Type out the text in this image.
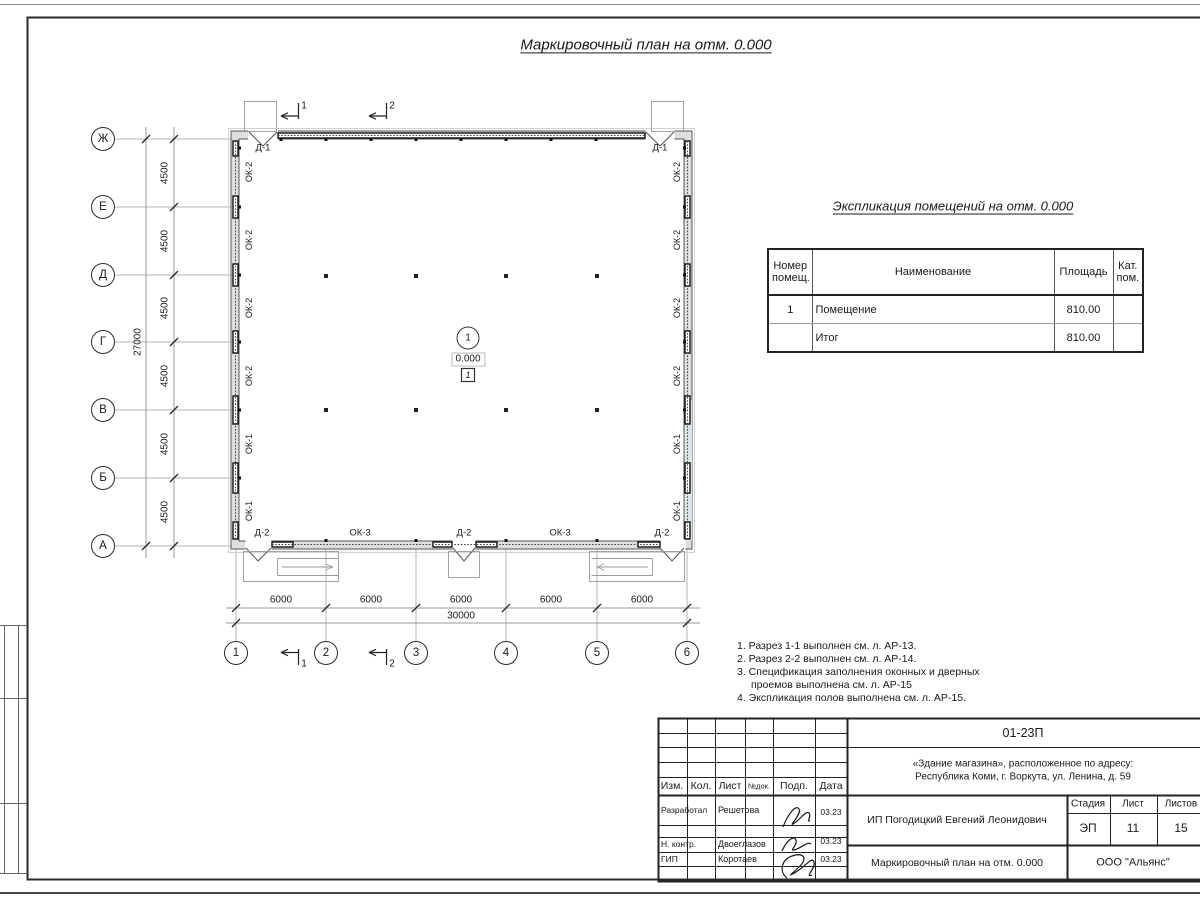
Маркировочный план на отм. 0.000
Ж
Е
Д
Г
В
Б
А
1	2	3	4	5	6
4500
4500
4500
4500
4500
4500
27000
6000	6000	6000	6000	6000
30000
ОК-2
ОК-2
ОК-2
ОК-2
ОК-1
ОК-1
ОК-2
ОК-2
ОК-2
ОК-2
ОК-1
ОК-1
Д-1	Д-1
Д-2	ОК-3	Д-2	ОК-3	Д-2
1	2
1	2
1
0.000
1
Экспликация помещений на отм. 0.000
Номер помещ.	Наименование	Площадь	Кат. пом.
1	Помещение	810.00	
	Итог	810.00	
1. Разрез 1-1 выполнен см. л. АР-13.
2. Разрез 2-2 выполнен см. л. АР-14.
3. Спецификация заполнения оконных и дверных
проемов выполнена см. л. АР-15
4. Экспликация полов выполнена см. л. АР-15.
01-23П
«Здание магазина», расположенное по адресу:
Республика Коми, г. Воркута, ул. Ленина, д. 59
Изм. Кол. Лист №док. Подп. Дата
Разработал Решетова	03.23
Н. контр. Двоеглазов	03.23
ГИП	Коротаев	03.23
ИП Погодицкий Евгений Леонидович
Стадия Лист Листов
ЭП	11	15
Маркировочный план на отм. 0.000	ООО "Альянс"
